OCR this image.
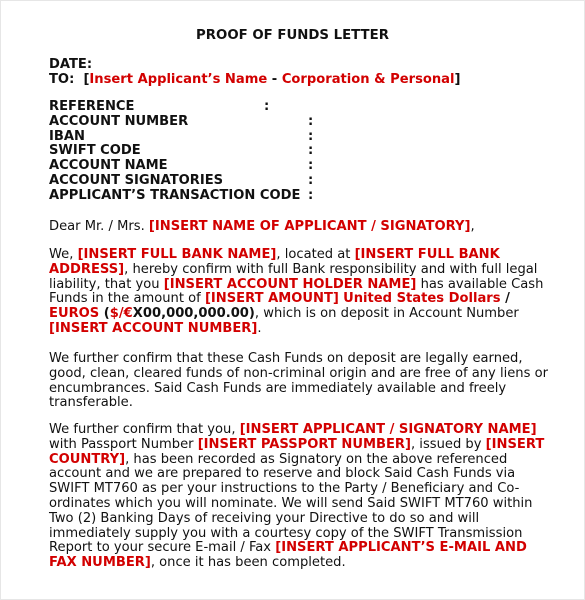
PROOF OF FUNDS LETTER
DATE:
TO: [Insert Applicant’s Name - Corporation & Personal]
REFERENCE	:
ACCOUNT NUMBER	:
IBAN	:
SWIFT CODE	:
ACCOUNT NAME	:
ACCOUNT SIGNATORIES	:
APPLICANT’S TRANSACTION CODE :
Dear Mr. / Mrs. [INSERT NAME OF APPLICANT / SIGNATORY],
We, [INSERT FULL BANK NAME], located at [INSERT FULL BANK
ADDRESS], hereby confirm with full Bank responsibility and with full legal
liability, that you [INSERT ACCOUNT HOLDER NAME] has available Cash
Funds in the amount of [INSERT AMOUNT] United States Dollars /
EUROS ($/€X00,000,000.00), which is on deposit in Account Number
[INSERT ACCOUNT NUMBER].
We further confirm that these Cash Funds on deposit are legally earned,
good, clean, cleared funds of non-criminal origin and are free of any liens or
encumbrances. Said Cash Funds are immediately available and freely
transferable.
We further confirm that you, [INSERT APPLICANT / SIGNATORY NAME]
with Passport Number [INSERT PASSPORT NUMBER], issued by [INSERT
COUNTRY], has been recorded as Signatory on the above referenced
account and we are prepared to reserve and block Said Cash Funds via
SWIFT MT760 as per your instructions to the Party / Beneficiary and Co-
ordinates which you will nominate. We will send Said SWIFT MT760 within
Two (2) Banking Days of receiving your Directive to do so and will
immediately supply you with a courtesy copy of the SWIFT Transmission
Report to your secure E-mail / Fax [INSERT APPLICANT’S E-MAIL AND
FAX NUMBER], once it has been completed.
